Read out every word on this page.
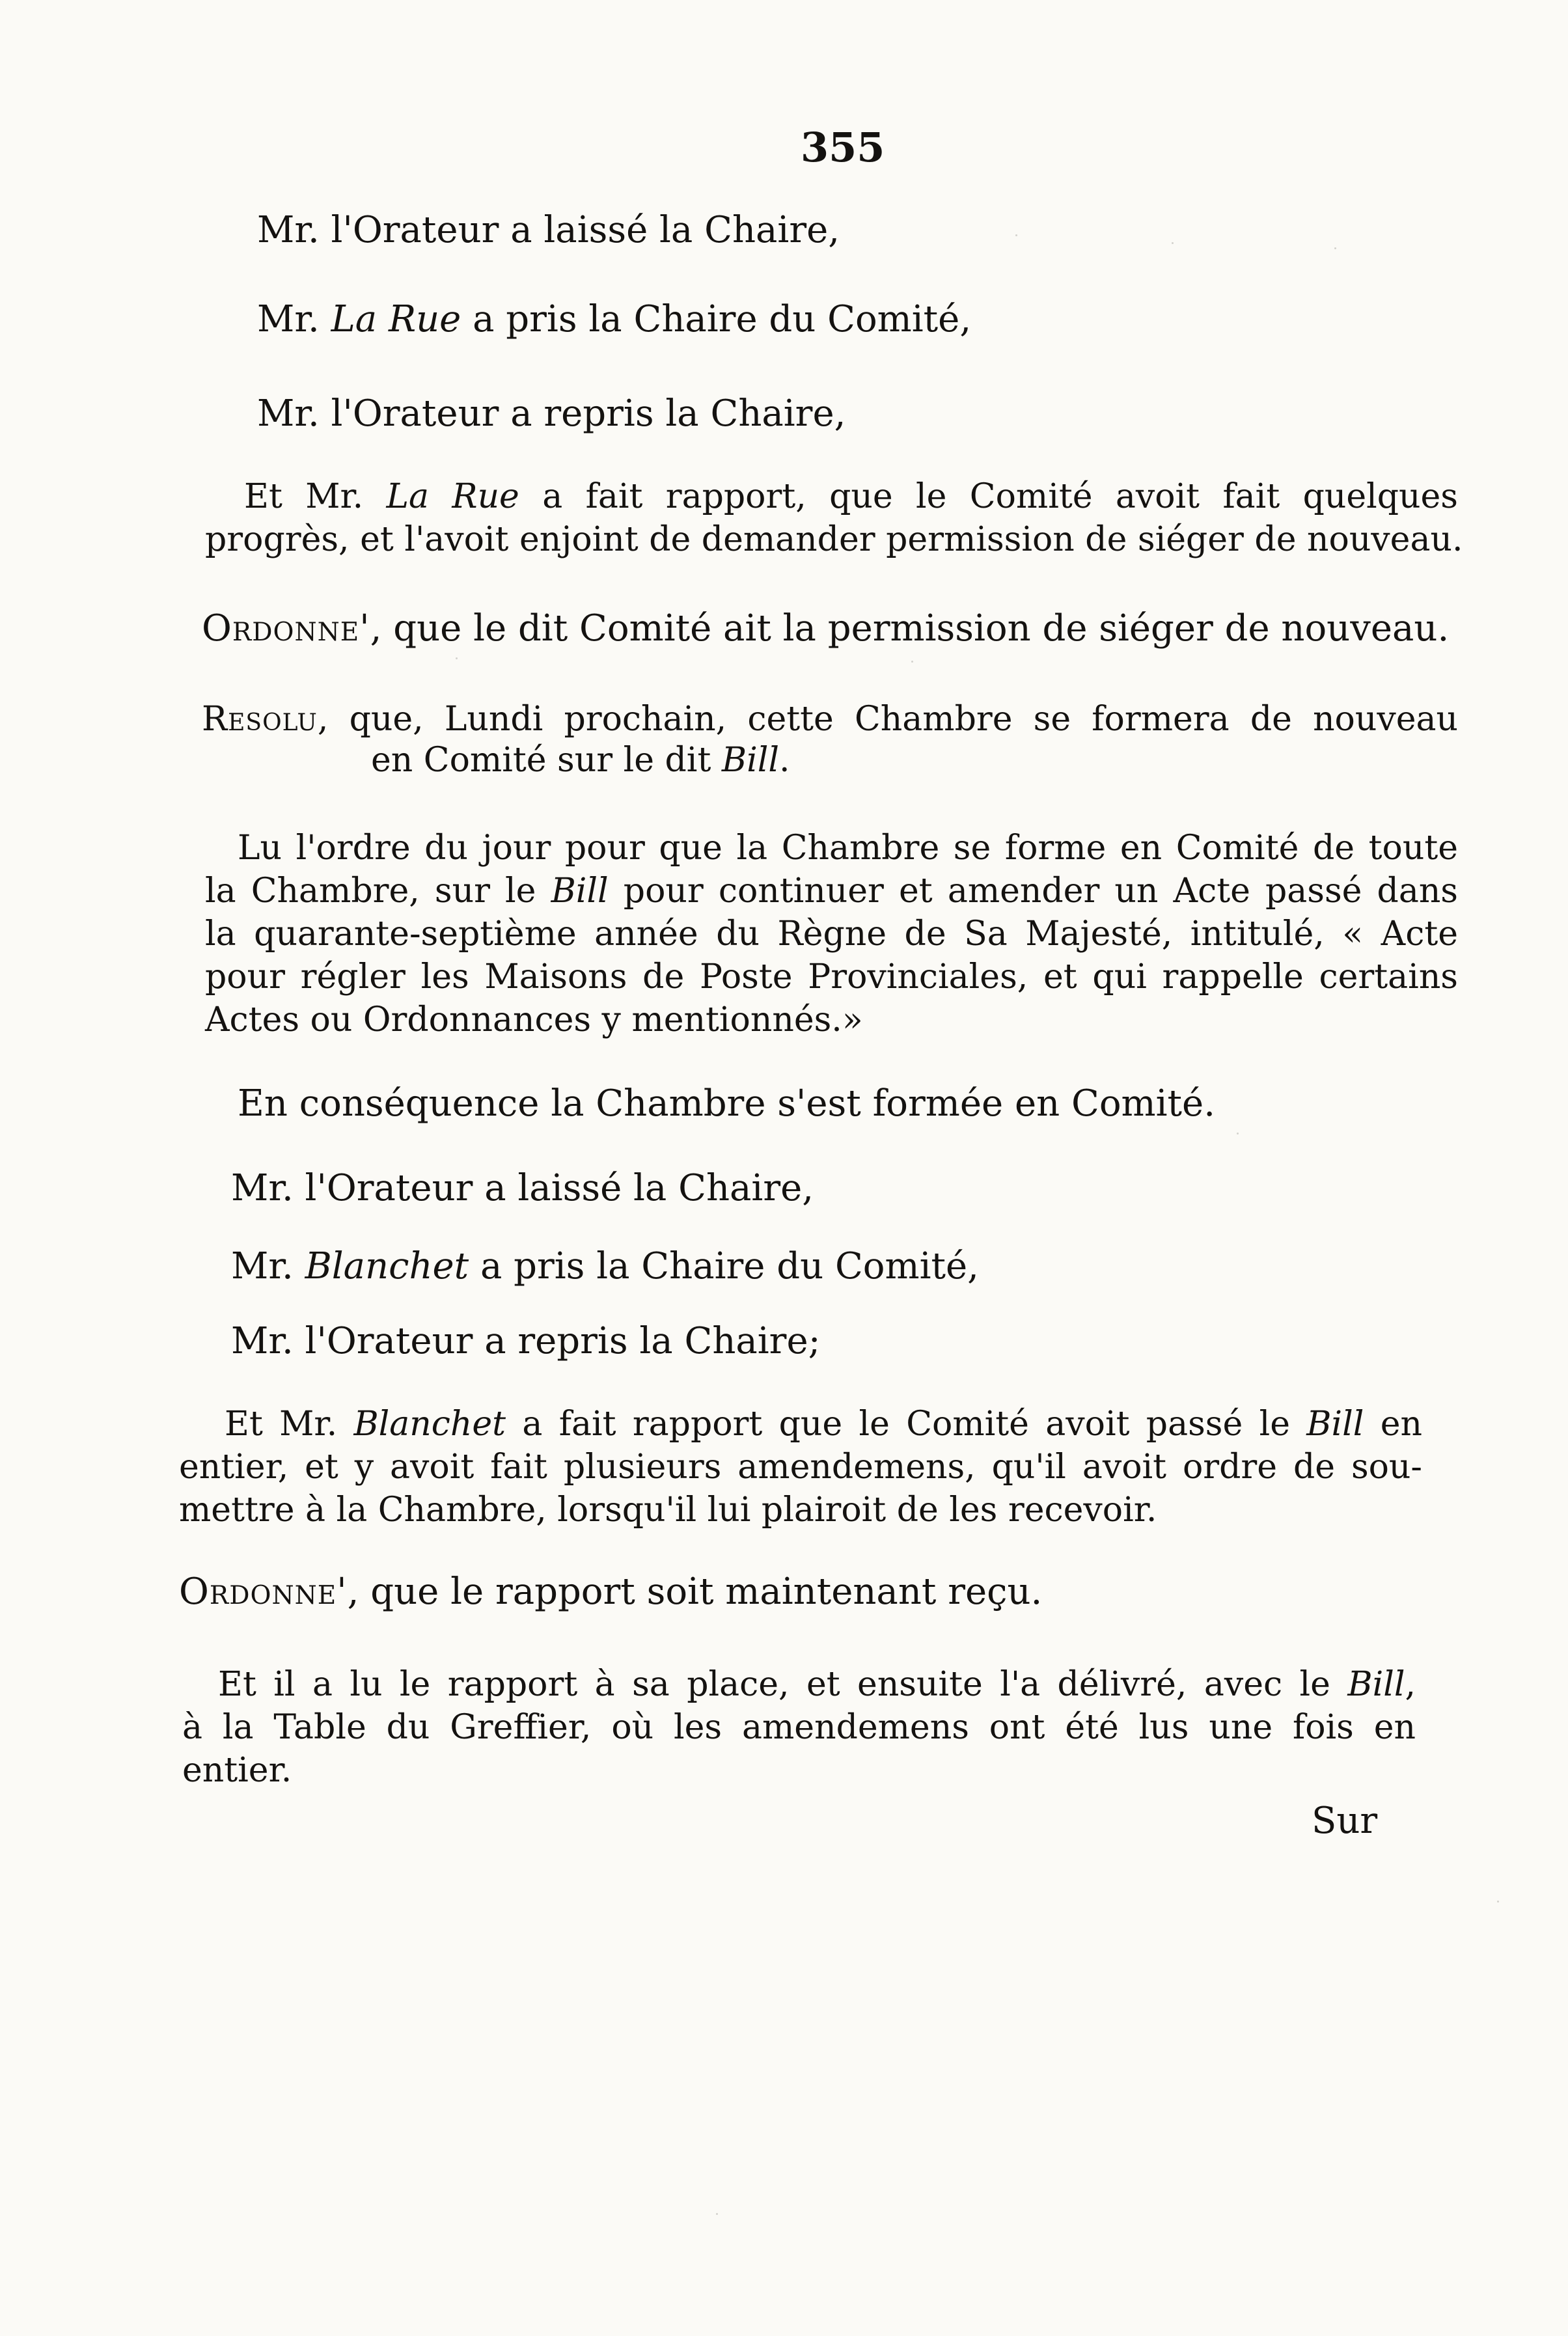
355
Mr. l'Orateur a laissé la Chaire,
Mr. La Rue a pris la Chaire du Comité,
Mr. l'Orateur a repris la Chaire,
Et Mr. La Rue a fait rapport, que le Comité avoit fait quelques
progrès, et l'avoit enjoint de demander permission de siéger de nouveau.
Ordonne', que le dit Comité ait la permission de siéger de nouveau.
Resolu, que, Lundi prochain, cette Chambre se formera de nouveau
en Comité sur le dit Bill.
Lu l'ordre du jour pour que la Chambre se forme en Comité de toute
la Chambre, sur le Bill pour continuer et amender un Acte passé dans
la quarante-septième année du Règne de Sa Majesté, intitulé, « Acte
pour régler les Maisons de Poste Provinciales, et qui rappelle certains
Actes ou Ordonnances y mentionnés.»
En conséquence la Chambre s'est formée en Comité.
Mr. l'Orateur a laissé la Chaire,
Mr. Blanchet a pris la Chaire du Comité,
Mr. l'Orateur a repris la Chaire;
Et Mr. Blanchet a fait rapport que le Comité avoit passé le Bill en
entier, et y avoit fait plusieurs amendemens, qu'il avoit ordre de sou-
mettre à la Chambre, lorsqu'il lui plairoit de les recevoir.
Ordonne', que le rapport soit maintenant reçu.
Et il a lu le rapport à sa place, et ensuite l'a délivré, avec le Bill,
à la Table du Greffier, où les amendemens ont été lus une fois en
entier.
Sur
